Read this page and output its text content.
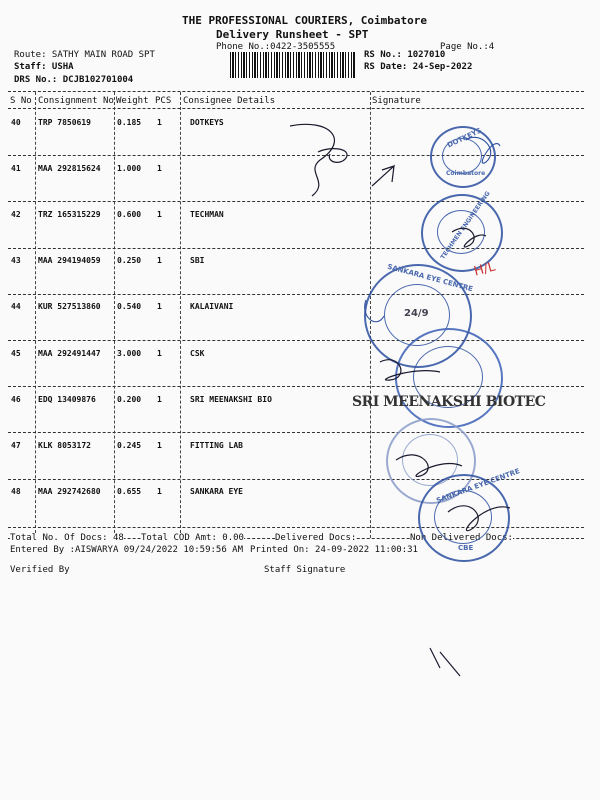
THE PROFESSIONAL COURIERS, Coimbatore
Delivery Runsheet - SPT
Phone No.:0422-3505555	Page No.:4
Route: SATHY MAIN ROAD SPT
Staff: USHA
DRS No.: DCJB102701004
RS No.: 1027010
RS Date: 24-Sep-2022
S No Consignment No Weight PCS Consignee Details	Signature
40 TRP 7850619	0.185 1	DOTKEYS
41 MAA 292815624 1.000 1
42 TRZ 165315229 0.600 1	TECHMAN
43 MAA 294194059 0.250 1	SBI
44 KUR 527513860 0.540 1	KALAIVANI
45 MAA 292491447 3.000 1	CSK
46 EDQ 13409876	0.200 1	SRI MEENAKSHI BIO
47 KLK 8053172	0.245 1	FITTING LAB
48 MAA 292742680 0.655 1	SANKARA EYE
Total No. Of Docs: 48 Total COD Amt: 0.00	Delivered Docs:	Non Delivered Docs:
Entered By :AISWARYA 09/24/2022 10:59:56 AM Printed On: 24-09-2022 11:00:31
Verified By	Staff Signature
DOTKEYS
Coimbatore
TECHMEN ENGINEERING
SANKARA EYE CENTRE
24/9
SRI MEENAKSHI BIOTEC
SANKARA EYE CENTRE
CBE
H/L
